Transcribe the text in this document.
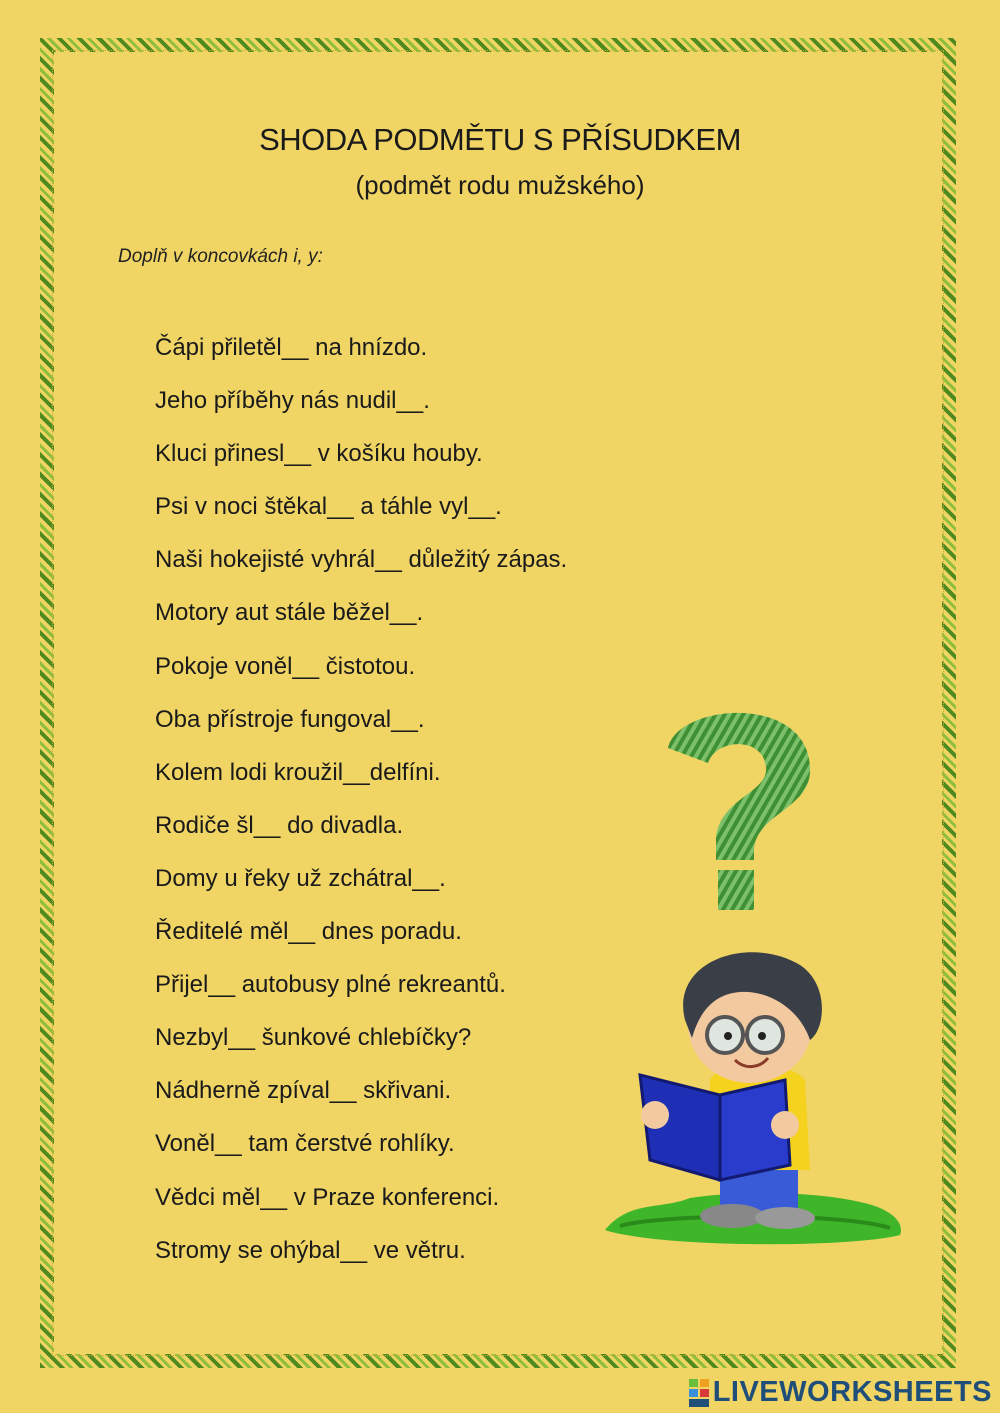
SHODA PODMĚTU S PŘÍSUDKEM
(podmět rodu mužského)
Doplň v koncovkách i, y:
Čápi přiletěl__ na hnízdo.
Jeho příběhy nás nudil__.
Kluci přinesl__ v košíku houby.
Psi v noci štěkal__ a táhle vyl__.
Naši hokejisté vyhrál__ důležitý zápas.
Motory aut stále běžel__.
Pokoje voněl__ čistotou.
Oba přístroje fungoval__.
Kolem lodi kroužil__delfíni.
Rodiče šl__ do divadla.
Domy u řeky už zchátral__.
Ředitelé měl__ dnes poradu.
Přijel__ autobusy plné rekreantů.
Nezbyl__ šunkové chlebíčky?
Nádherně zpíval__ skřivani.
Voněl__ tam čerstvé rohlíky.
Vědci měl__ v Praze konferenci.
Stromy se ohýbal__ ve větru.
LIVEWORKSHEETS
